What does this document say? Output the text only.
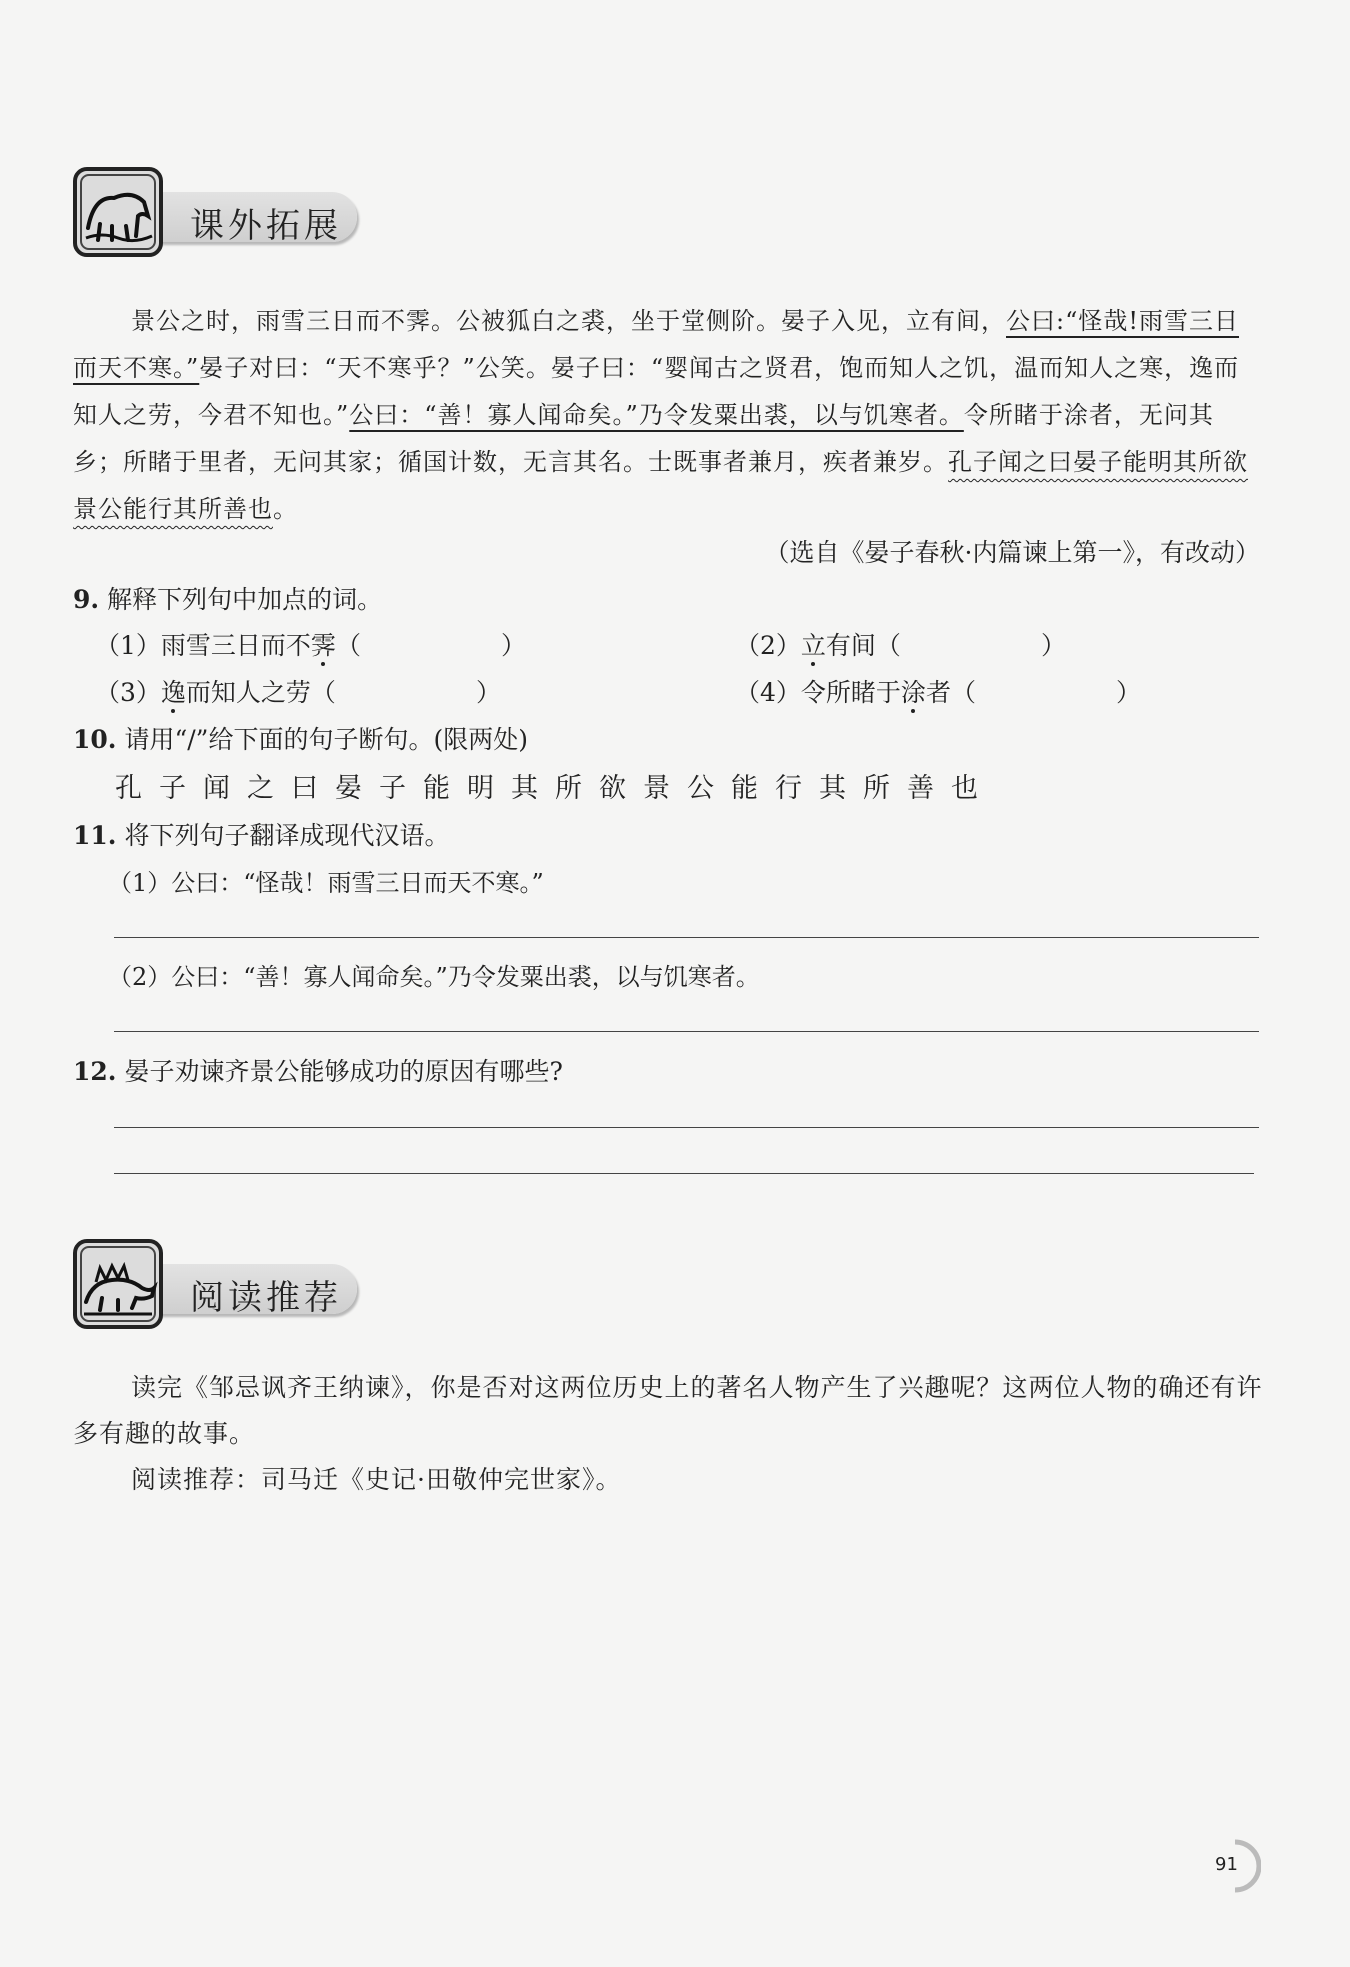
课外拓展
景公之时，雨雪三日而不霁。公被狐白之裘，坐于堂侧阶。晏子入见，立有间，公曰:“怪哉!雨雪三日而天不寒。”晏子对曰：“天不寒乎？”公笑。晏子曰：“婴闻古之贤君，饱而知人之饥，温而知人之寒，逸而知人之劳，今君不知也。”公曰：“善！寡人闻命矣。”乃令发粟出裘，以与饥寒者。令所睹于涂者，无问其乡；所睹于里者，无问其家；循国计数，无言其名。士既事者兼月，疾者兼岁。孔子闻之曰晏子能明其所欲景公能行其所善也。
（选自《晏子春秋·内篇谏上第一》，有改动）
9. 解释下列句中加点的词。
（1）雨雪三日而不霁（	）	（2）立有间（	）
（3）逸而知人之劳（	）	（4）令所睹于涂者（	）
10. 请用“/”给下面的句子断句。(限两处)
孔子闻之曰晏子能明其所欲景公能行其所善也
11. 将下列句子翻译成现代汉语。
（1）公曰：“怪哉！雨雪三日而天不寒。”
（2）公曰：“善！寡人闻命矣。”乃令发粟出裘，以与饥寒者。
12. 晏子劝谏齐景公能够成功的原因有哪些?
阅读推荐
读完《邹忌讽齐王纳谏》，你是否对这两位历史上的著名人物产生了兴趣呢？这两位人物的确还有许多有趣的故事。
阅读推荐：司马迁《史记·田敬仲完世家》。
91
